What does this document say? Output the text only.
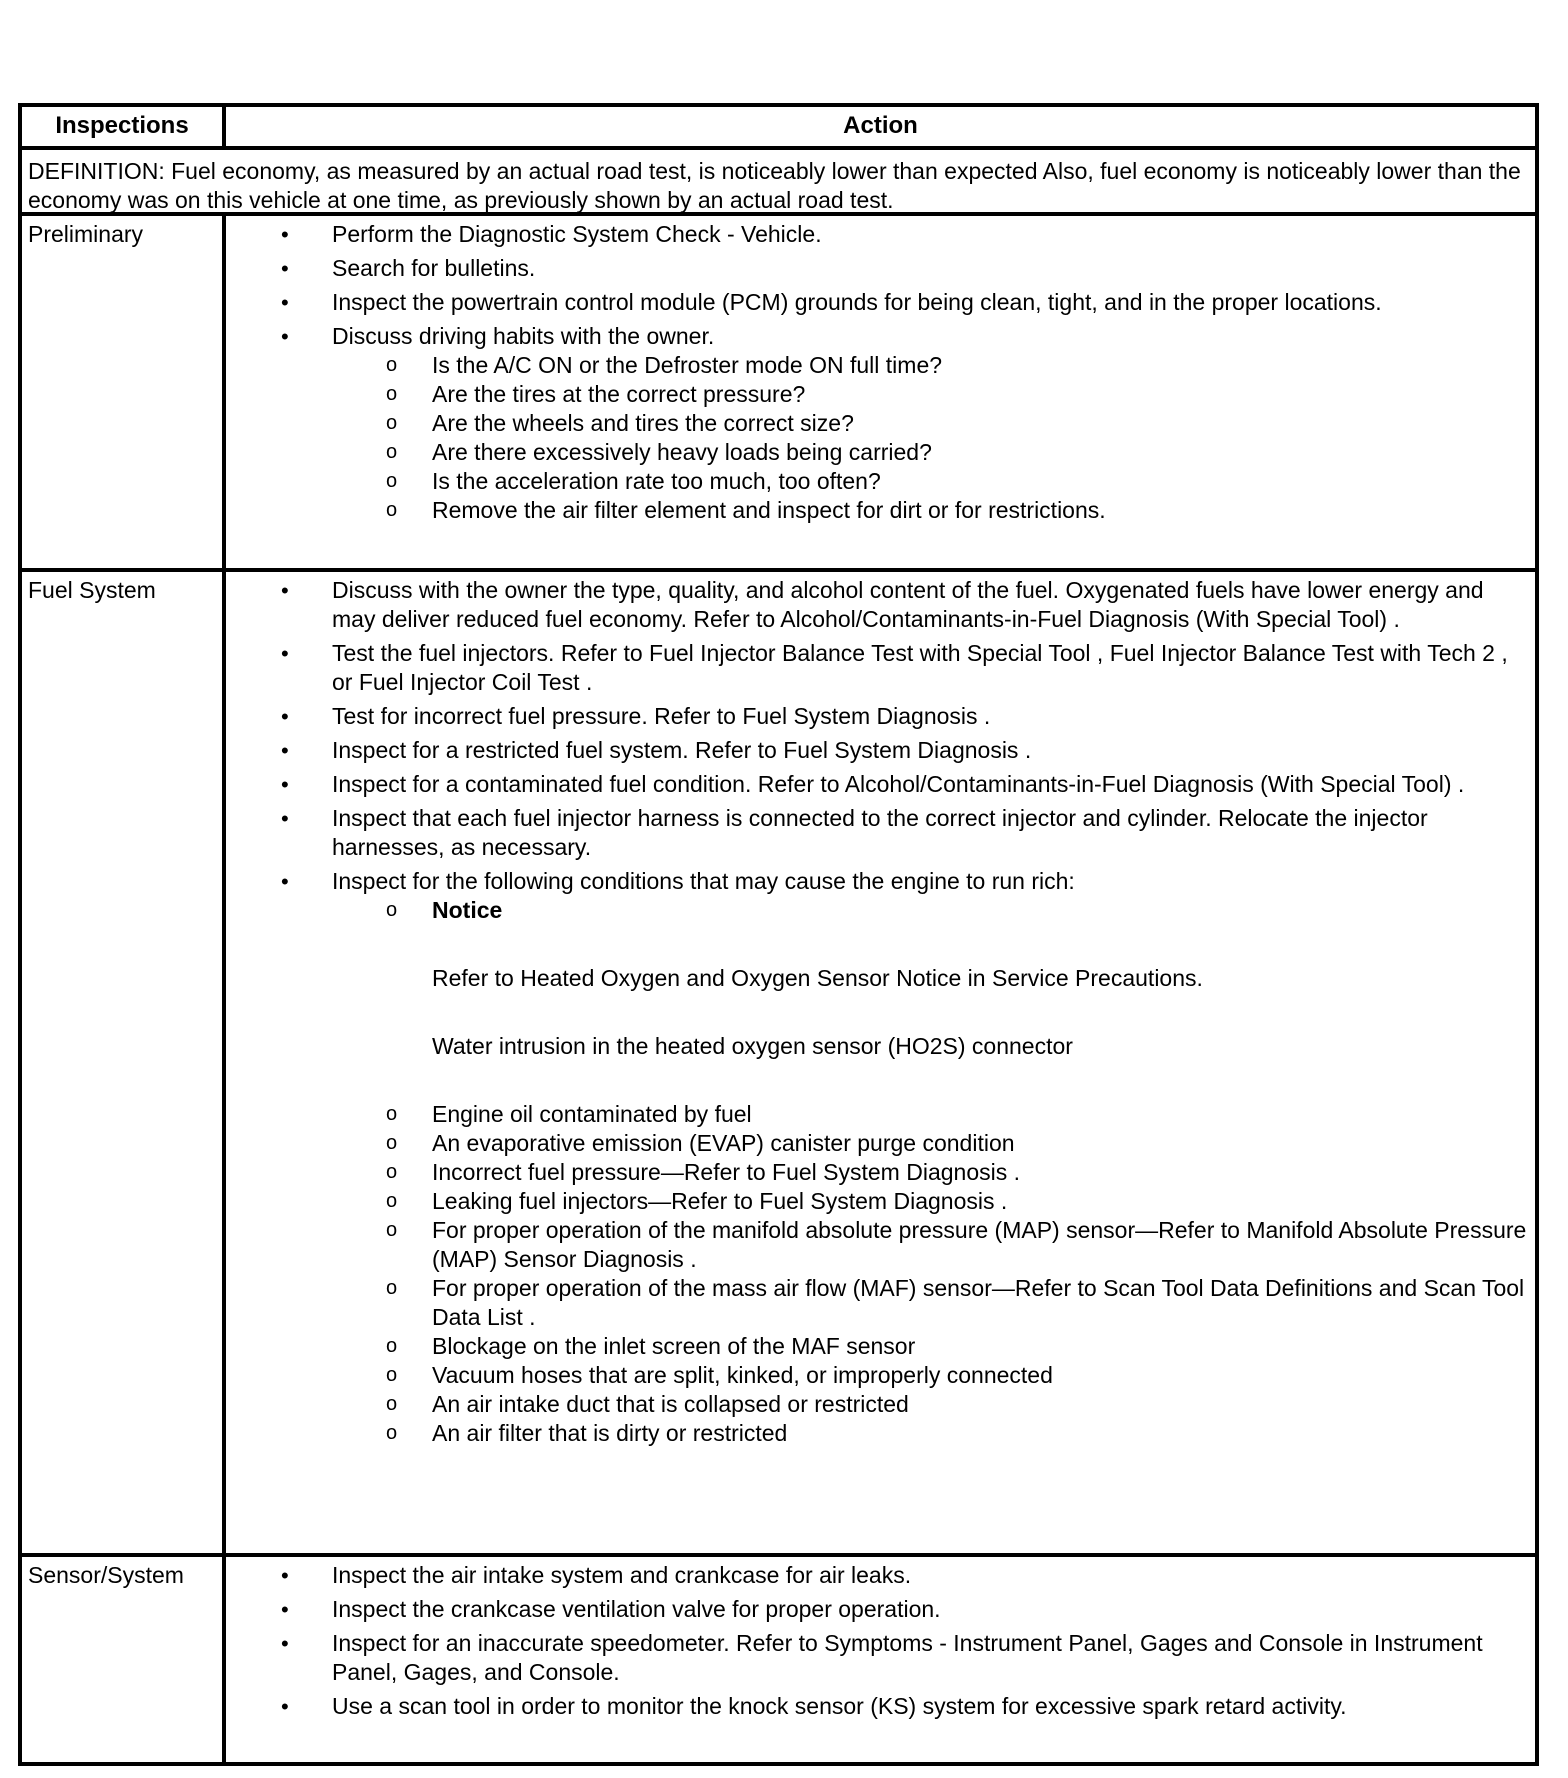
Inspections	Action
DEFINITION: Fuel economy, as measured by an actual road test, is noticeably lower than expected Also, fuel economy is noticeably lower than the economy was on this vehicle at one time, as previously shown by an actual road test.
Preliminary	• Perform the Diagnostic System Check - Vehicle.
• Search for bulletins.
• Inspect the powertrain control module (PCM) grounds for being clean, tight, and in the proper locations.
• Discuss driving habits with the owner.
o Is the A/C ON or the Defroster mode ON full time?
o Are the tires at the correct pressure?
o Are the wheels and tires the correct size?
o Are there excessively heavy loads being carried?
o Is the acceleration rate too much, too often?
o Remove the air filter element and inspect for dirt or for restrictions.
Fuel System	• Discuss with the owner the type, quality, and alcohol content of the fuel. Oxygenated fuels have lower energy and may deliver reduced fuel economy. Refer to Alcohol/Contaminants-in-Fuel Diagnosis (With Special Tool) .
• Test the fuel injectors. Refer to Fuel Injector Balance Test with Special Tool , Fuel Injector Balance Test with Tech 2 , or Fuel Injector Coil Test .
• Test for incorrect fuel pressure. Refer to Fuel System Diagnosis .
• Inspect for a restricted fuel system. Refer to Fuel System Diagnosis .
• Inspect for a contaminated fuel condition. Refer to Alcohol/Contaminants-in-Fuel Diagnosis (With Special Tool) .
• Inspect that each fuel injector harness is connected to the correct injector and cylinder. Relocate the injector harnesses, as necessary.
• Inspect for the following conditions that may cause the engine to run rich:
o Notice
Refer to Heated Oxygen and Oxygen Sensor Notice in Service Precautions.
Water intrusion in the heated oxygen sensor (HO2S) connector
o Engine oil contaminated by fuel
o An evaporative emission (EVAP) canister purge condition
o Incorrect fuel pressure—Refer to Fuel System Diagnosis .
o Leaking fuel injectors—Refer to Fuel System Diagnosis .
o For proper operation of the manifold absolute pressure (MAP) sensor—Refer to Manifold Absolute Pressure (MAP) Sensor Diagnosis .
o For proper operation of the mass air flow (MAF) sensor—Refer to Scan Tool Data Definitions and Scan Tool Data List .
o Blockage on the inlet screen of the MAF sensor
o Vacuum hoses that are split, kinked, or improperly connected
o An air intake duct that is collapsed or restricted
o An air filter that is dirty or restricted
Sensor/System	• Inspect the air intake system and crankcase for air leaks.
• Inspect the crankcase ventilation valve for proper operation.
• Inspect for an inaccurate speedometer. Refer to Symptoms - Instrument Panel, Gages and Console in Instrument Panel, Gages, and Console.
• Use a scan tool in order to monitor the knock sensor (KS) system for excessive spark retard activity.
